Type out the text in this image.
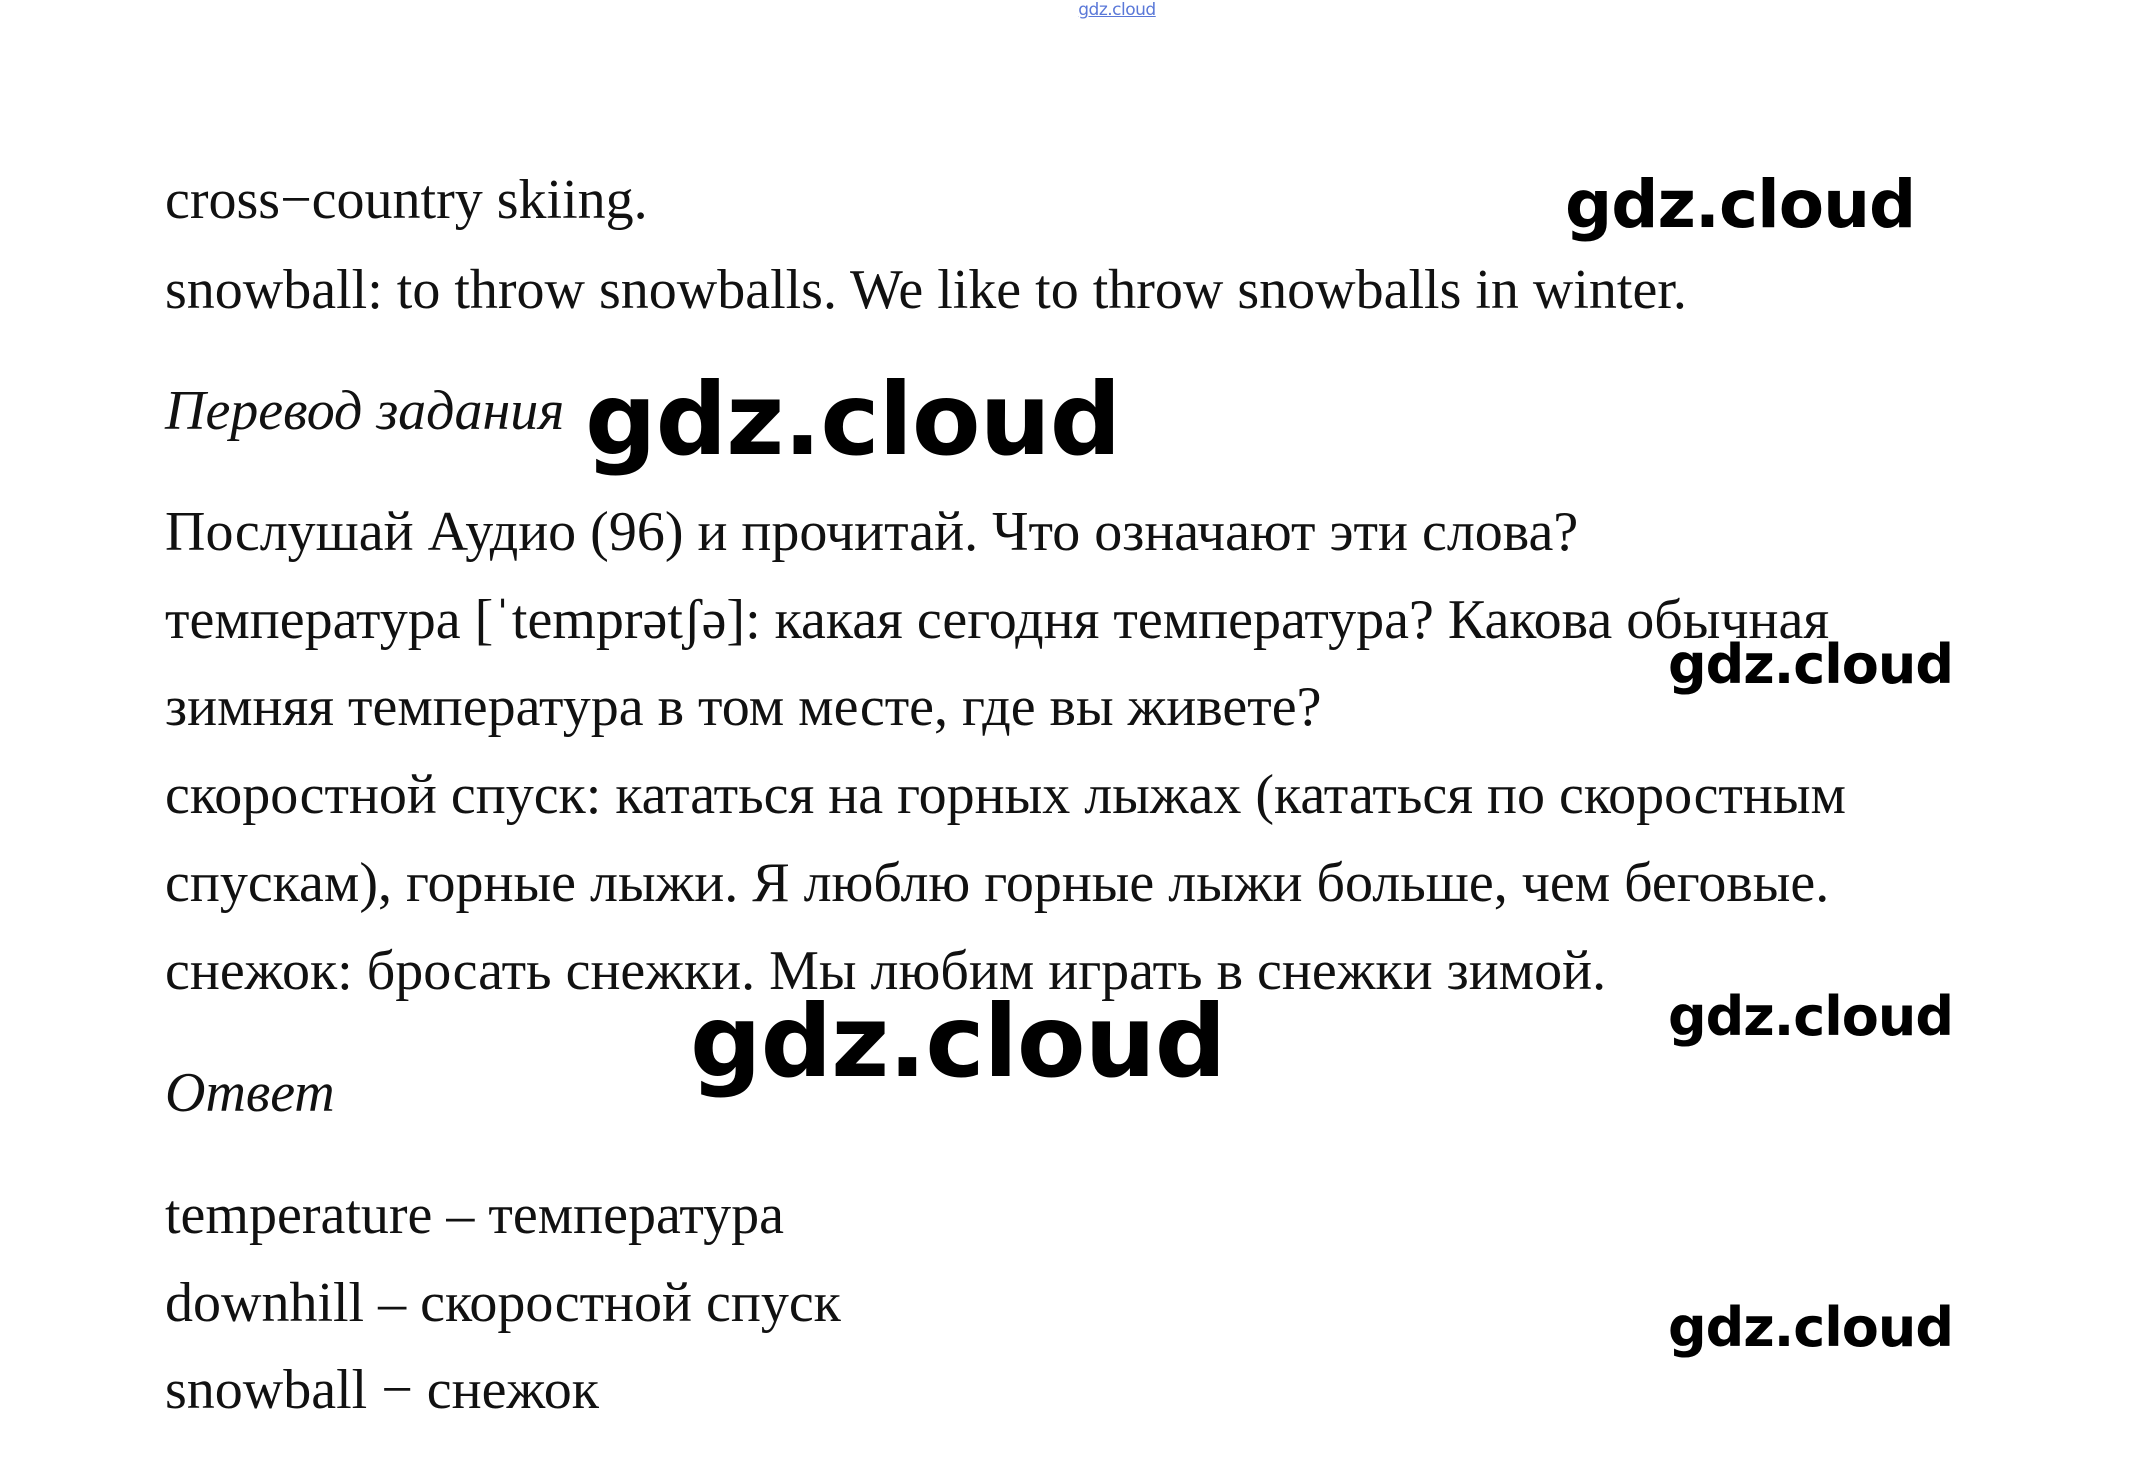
gdz.cloud
cross−country skiing.
snowball: to throw snowballs. We like to throw snowballs in winter.
Перевод задания
Послушай Аудио (96) и прочитай. Что означают эти слова?
температура [ˈtemprətʃə]: какая сегодня температура? Какова обычная
зимняя температура в том месте, где вы живете?
скоростной спуск: кататься на горных лыжах (кататься по скоростным
спускам), горные лыжи. Я люблю горные лыжи больше, чем беговые.
снежок: бросать снежки. Мы любим играть в снежки зимой.
Ответ
temperature – температура
downhill – скоростной спуск
snowball − снежок
gdz.cloud
gdz.cloud
gdz.cloud
gdz.cloud	gdz.cloud
gdz.cloud
